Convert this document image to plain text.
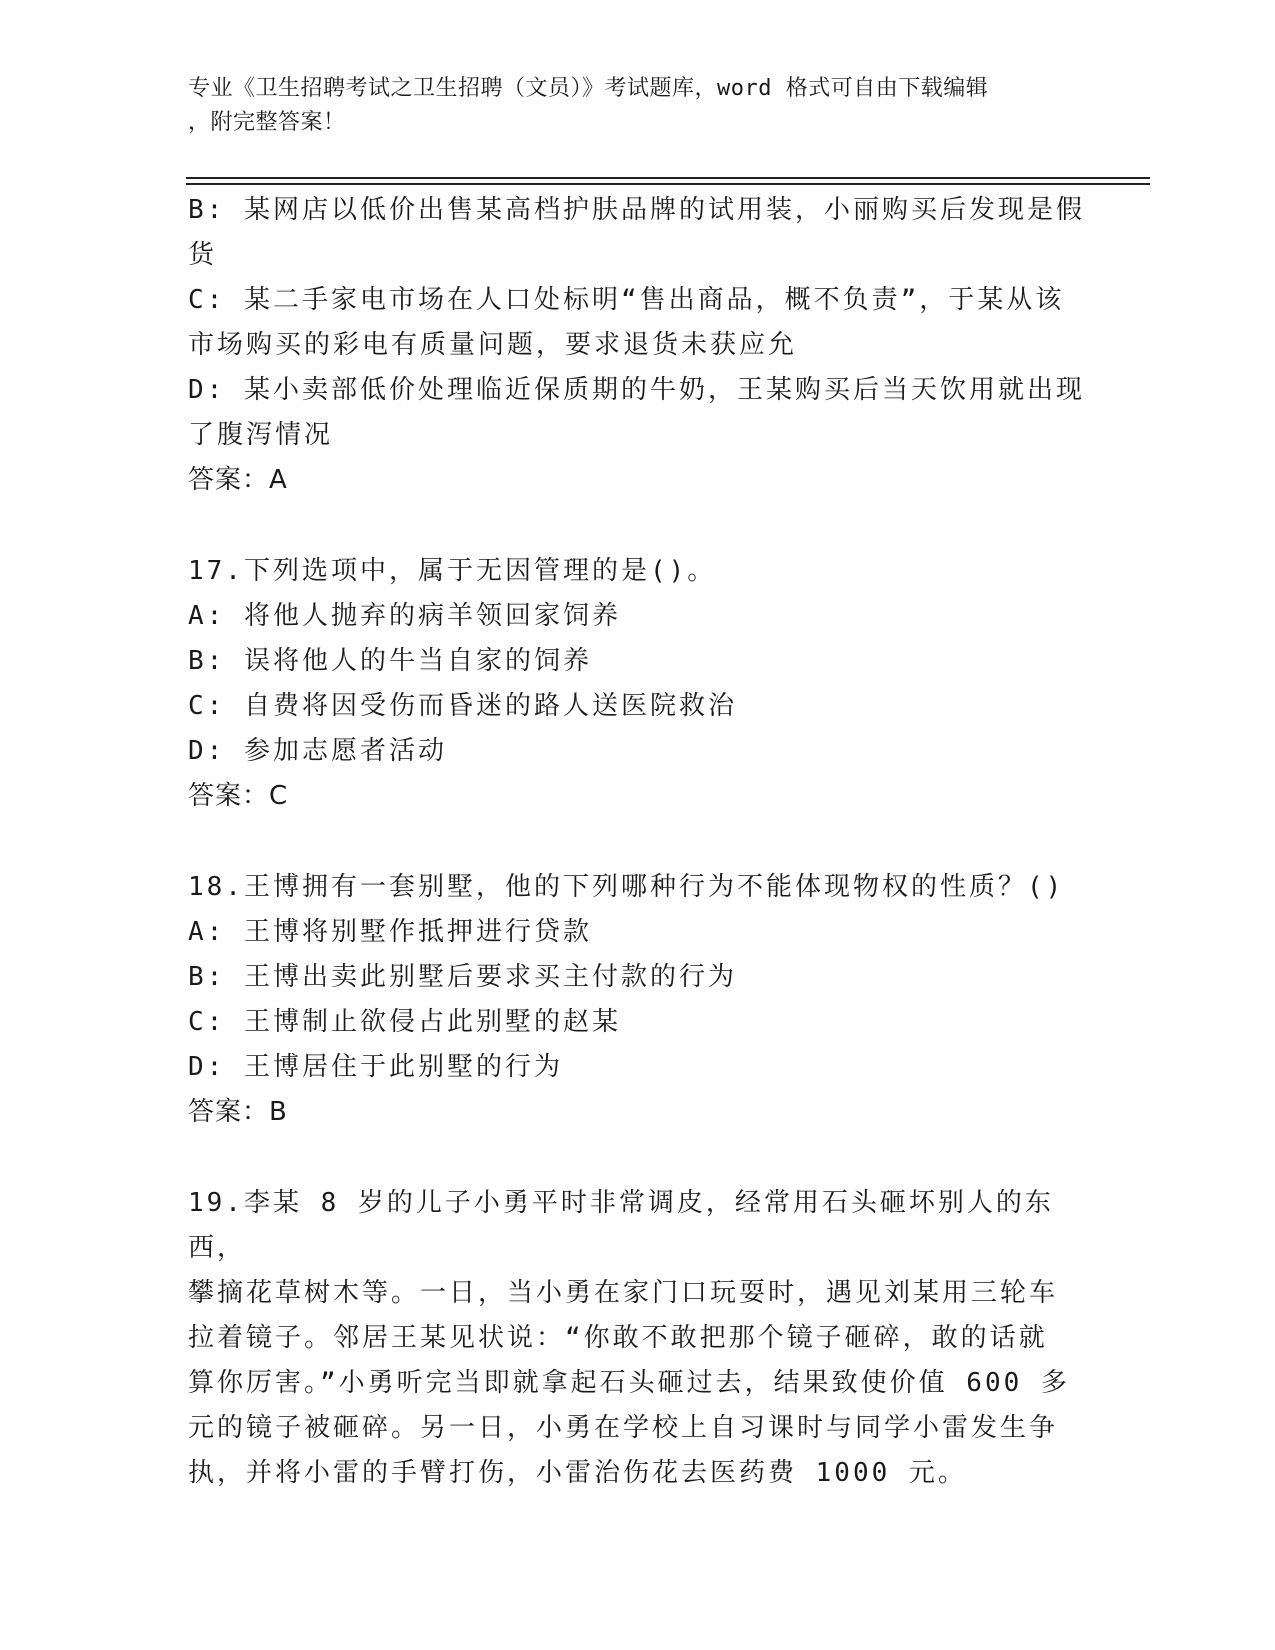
专业《卫生招聘考试之卫生招聘（文员）》考试题库，word 格式可自由下载编辑
，附完整答案！
B: 某网店以低价出售某高档护肤品牌的试用装，小丽购买后发现是假
货
C: 某二手家电市场在人口处标明“售出商品，概不负责”，于某从该
市场购买的彩电有质量问题，要求退货未获应允
D: 某小卖部低价处理临近保质期的牛奶，王某购买后当天饮用就出现
了腹泻情况
答案：A
17.下列选项中，属于无因管理的是()。
A: 将他人抛弃的病羊领回家饲养
B: 误将他人的牛当自家的饲养
C: 自费将因受伤而昏迷的路人送医院救治
D: 参加志愿者活动
答案：C
18.王博拥有一套别墅，他的下列哪种行为不能体现物权的性质？()
A: 王博将别墅作抵押进行贷款
B: 王博出卖此别墅后要求买主付款的行为
C: 王博制止欲侵占此别墅的赵某
D: 王博居住于此别墅的行为
答案：B
19.李某 8 岁的儿子小勇平时非常调皮，经常用石头砸坏别人的东西，
攀摘花草树木等。一日，当小勇在家门口玩耍时，遇见刘某用三轮车
拉着镜子。邻居王某见状说：“你敢不敢把那个镜子砸碎，敢的话就
算你厉害。”小勇听完当即就拿起石头砸过去，结果致使价值 600 多
元的镜子被砸碎。另一日，小勇在学校上自习课时与同学小雷发生争
执，并将小雷的手臂打伤，小雷治伤花去医药费 1000 元。
